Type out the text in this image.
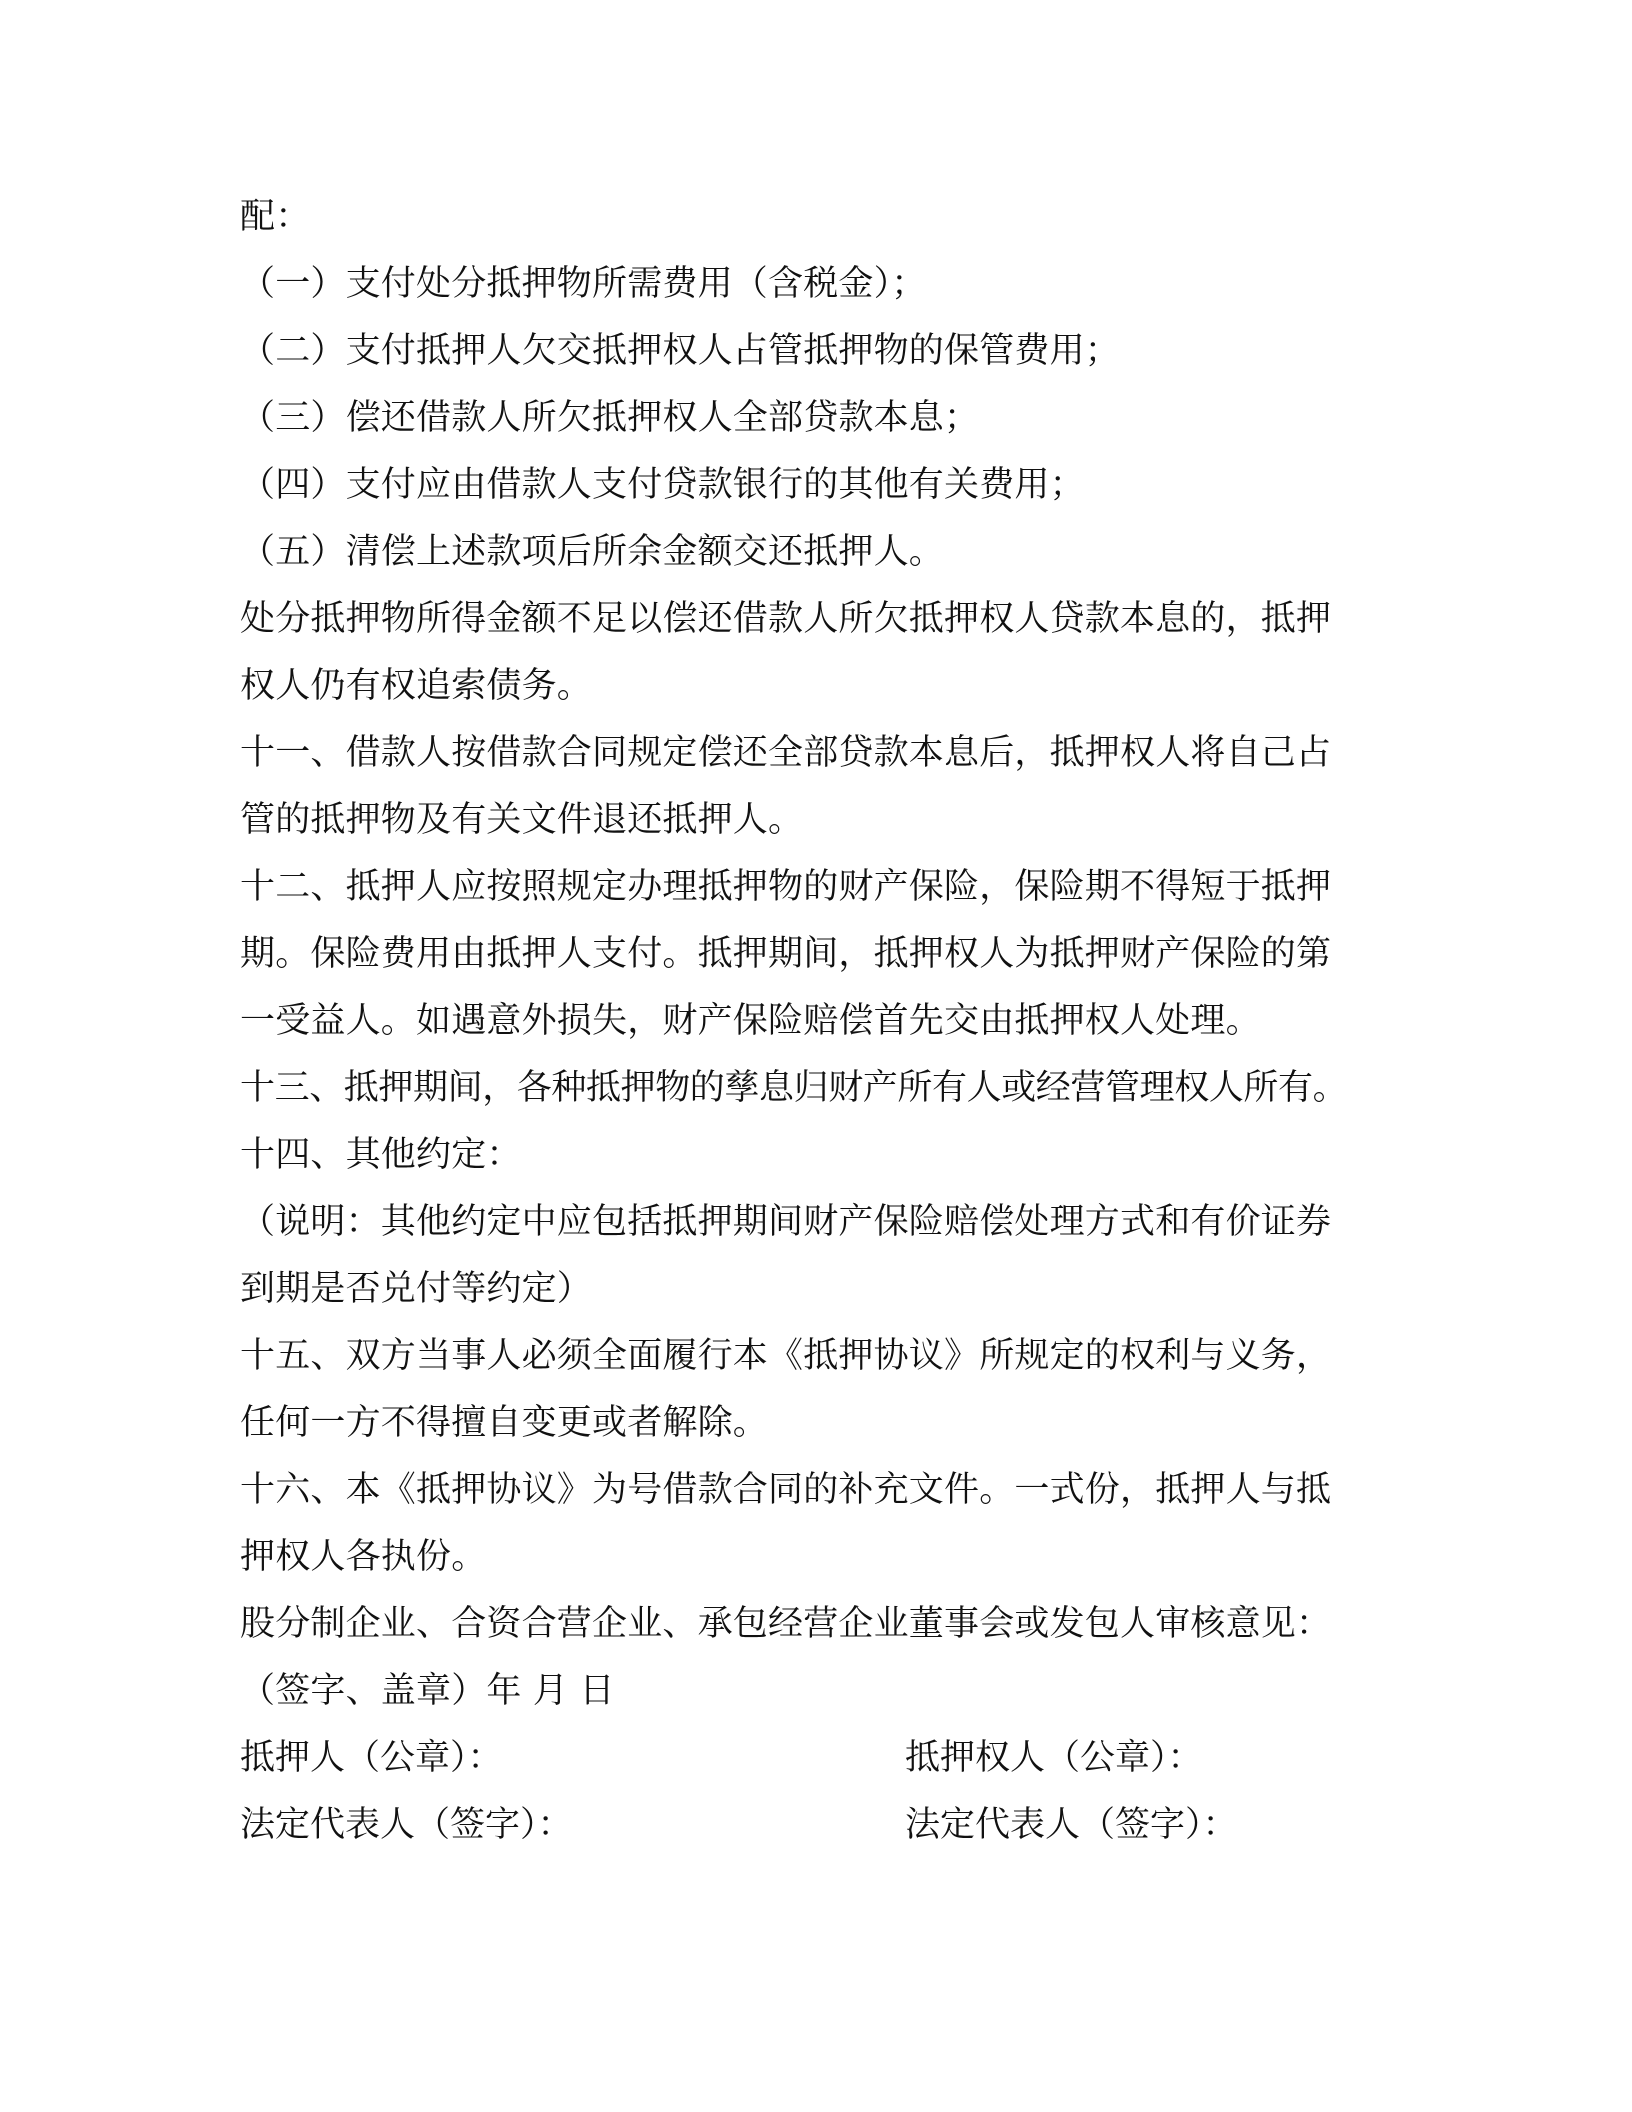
配：
（一）支付处分抵押物所需费用（含税金）；
（二）支付抵押人欠交抵押权人占管抵押物的保管费用；
（三）偿还借款人所欠抵押权人全部贷款本息；
（四）支付应由借款人支付贷款银行的其他有关费用；
（五）清偿上述款项后所余金额交还抵押人。
处分抵押物所得金额不足以偿还借款人所欠抵押权人贷款本息的，抵押
权人仍有权追索债务。
十一、借款人按借款合同规定偿还全部贷款本息后，抵押权人将自己占
管的抵押物及有关文件退还抵押人。
十二、抵押人应按照规定办理抵押物的财产保险，保险期不得短于抵押
期。保险费用由抵押人支付。抵押期间，抵押权人为抵押财产保险的第
一受益人。如遇意外损失，财产保险赔偿首先交由抵押权人处理。
十三、抵押期间，各种抵押物的孳息归财产所有人或经营管理权人所有。
十四、其他约定：
（说明：其他约定中应包括抵押期间财产保险赔偿处理方式和有价证券
到期是否兑付等约定）
十五、双方当事人必须全面履行本《抵押协议》所规定的权利与义务，
任何一方不得擅自变更或者解除。
十六、本《抵押协议》为号借款合同的补充文件。一式份，抵押人与抵
押权人各执份。
股分制企业、合资合营企业、承包经营企业董事会或发包人审核意见：
（签字、盖章）年 月 日
抵押人（公章）：	抵押权人（公章）：
法定代表人（签字）：	法定代表人（签字）：
